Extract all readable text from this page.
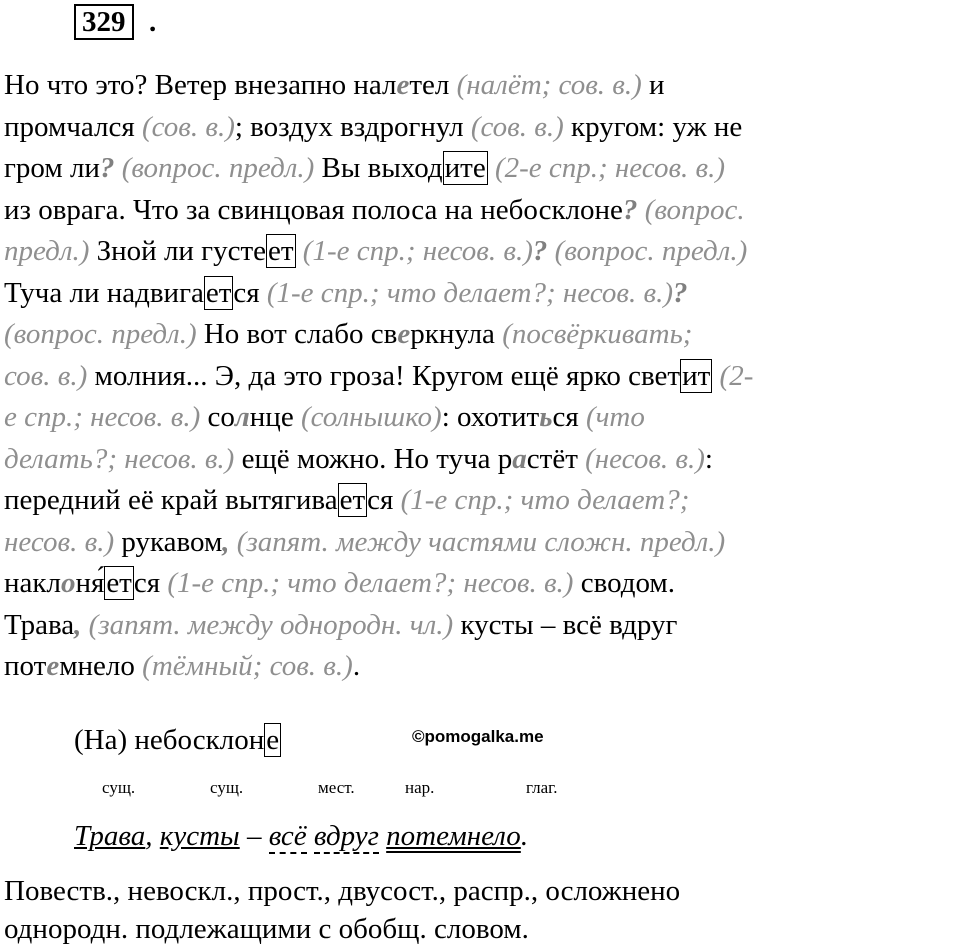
329 .
Но что это? Ветер внезапно налетел (налёт; сов. в.) и
промчался (сов. в.); воздух вздрогнул (сов. в.) кругом: уж не
гром ли? (вопрос. предл.) Вы выходите (2-е спр.; несов. в.)
из оврага. Что за свинцовая полоса на небосклоне? (вопрос.
предл.) Зной ли густеет (1-е спр.; несов. в.)? (вопрос. предл.)
Туча ли надвигается (1-е спр.; что делает?; несов. в.)?
(вопрос. предл.) Но вот слабо сверкнула (посвёркивать;
сов. в.) молния... Э, да это гроза! Кругом ещё ярко светит (2-
е спр.; несов. в.) солнце (солнышко): охотиться (что
делать?; несов. в.) ещё можно. Но туча растёт (несов. в.):
передний её край вытягивается (1-е спр.; что делает?;
несов. в.) рукавом, (запят. между частями сложн. предл.)
наклоня́ется (1-е спр.; что делает?; несов. в.) сводом.
Трава, (запят. между однородн. чл.) кусты – всё вдруг
потемнело (тёмный; сов. в.).
(На) небосклоне	©pomogalka.me
сущ.	сущ.	мест.	нар.	глаг.
Трава, кусты – всё вдруг потемнело.
Повеств., невоскл., прост., двусост., распр., осложнено
однородн. подлежащими с обобщ. словом.
